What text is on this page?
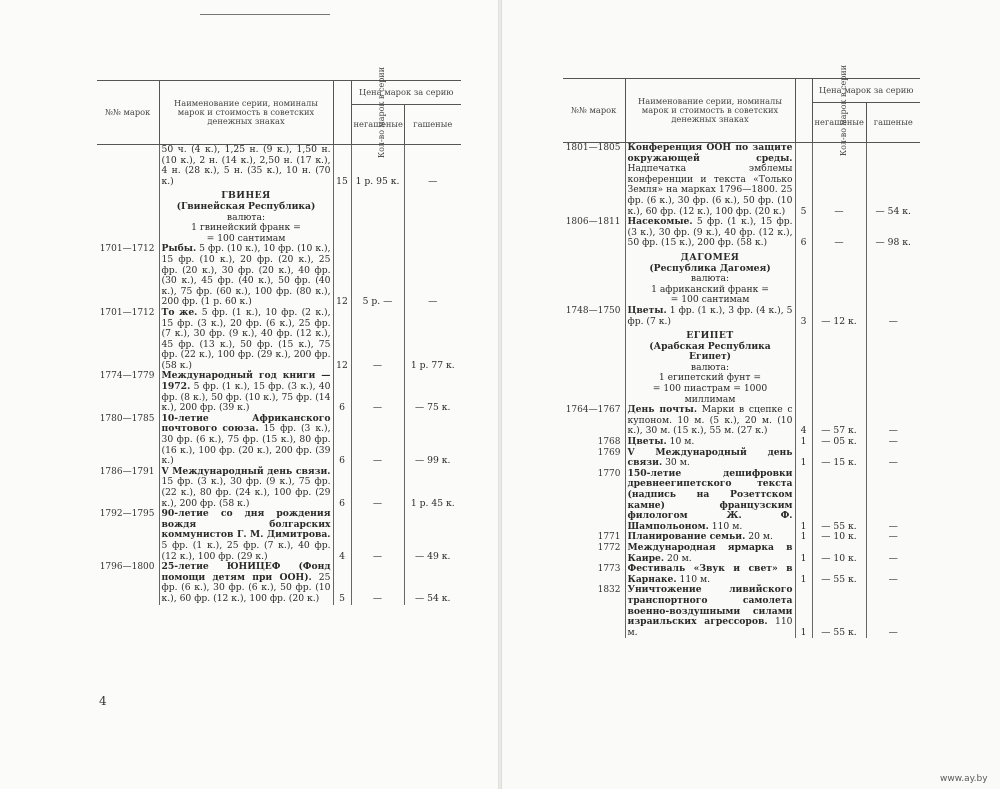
№№ марок	Наименование серии, номиналы марок и стоимость в советских денежных знаках	Кол-во марок в серии	Цена марок за серию	
			негашеные	гашеные
	50 ч. (4 к.), 1,25 н. (9 к.), 1,50 н. (10 к.), 2 н. (14 к.), 2,50 н. (17 к.), 4 н. (28 к.), 5 н. (35 к.), 10 н. (70 к.)	15	1 р. 95 к.	—

	ГВИНЕЯ
(Гвинейская Республика)
валюта:
1 гвинейский франк =
= 100 сантимам			

1701—1712	Рыбы. 5 фр. (10 к.), 10 фр. (10 к.), 15 фр. (10 к.), 20 фр. (20 к.), 25 фр. (20 к.), 30 фр. (20 к.), 40 фр. (30 к.), 45 фр. (40 к.), 50 фр. (40 к.), 75 фр. (60 к.), 100 фр. (80 к.), 200 фр. (1 р. 60 к.)	12	5 р. —	—
1701—1712	То же. 5 фр. (1 к.), 10 фр. (2 к.), 15 фр. (3 к.), 20 фр. (6 к.), 25 фр. (7 к.), 30 фр. (9 к.), 40 фр. (12 к.), 45 фр. (13 к.), 50 фр. (15 к.), 75 фр. (22 к.), 100 фр. (29 к.), 200 фр. (58 к.)	12	—	1 р. 77 к.
1774—1779	Международный год книги — 1972. 5 фр. (1 к.), 15 фр. (3 к.), 40 фр. (8 к.), 50 фр. (10 к.), 75 фр. (14 к.), 200 фр. (39 к.)	6	—	— 75 к.
1780—1785	10-летие Африканского почтового союза. 15 фр. (3 к.), 30 фр. (6 к.), 75 фр. (15 к.), 80 фр. (16 к.), 100 фр. (20 к.), 200 фр. (39 к.)	6	—	— 99 к.
1786—1791	V Международный день связи. 15 фр. (3 к.), 30 фр. (9 к.), 75 фр. (22 к.), 80 фр. (24 к.), 100 фр. (29 к.), 200 фр. (58 к.)	6	—	1 р. 45 к.
1792—1795	90-летие со дня рождения вождя болгарских коммунистов Г. М. Димитрова. 5 фр. (1 к.), 25 фр. (7 к.), 40 фр. (12 к.), 100 фр. (29 к.)	4	—	— 49 к.
1796—1800	25-летие ЮНИЦЕФ (Фонд помощи детям при ООН). 25 фр. (6 к.), 30 фр. (6 к.), 50 фр. (10 к.), 60 фр. (12 к.), 100 фр. (20 к.)	5	—	— 54 к.
№№ марок	Наименование серии, номиналы марок и стоимость в советских денежных знаках	Кол-во марок в серии	Цена марок за серию	
			негашеные	гашеные
1801—1805	Конференция ООН по защите окружающей среды. Надпечатка эмблемы конференции и текста «Только Земля» на марках 1796—1800. 25 фр. (6 к.), 30 фр. (6 к.), 50 фр. (10 к.), 60 фр. (12 к.), 100 фр. (20 к.)	5	—	— 54 к.
1806—1811	Насекомые. 5 фр. (1 к.), 15 фр. (3 к.), 30 фр. (9 к.), 40 фр. (12 к.), 50 фр. (15 к.), 200 фр. (58 к.)	6	—	— 98 к.

	ДАГОМЕЯ
(Республика Дагомея)
валюта:
1 африканский франк =
= 100 сантимам			

1748—1750	Цветы. 1 фр. (1 к.), 3 фр. (4 к.), 5 фр. (7 к.)	3	— 12 к.	—

	ЕГИПЕТ
(Арабская Республика Египет)
валюта:
1 египетский фунт =
= 100 пиастрам = 1000 миллимам			

1764—1767	День почты. Марки в сцепке с купоном. 10 м. (5 к.), 20 м. (10 к.), 30 м. (15 к.), 55 м. (27 к.)	4	— 57 к.	—
1768	Цветы. 10 м.	1	— 05 к.	—
1769	V Международный день связи. 30 м.	1	— 15 к.	—
1770	150-летие дешифровки древнеегипетского текста (надпись на Розеттском камне) французским филологом Ж. Ф. Шампольоном. 110 м.	1	— 55 к.	—
1771	Планирование семьи. 20 м.	1	— 10 к.	—
1772	Международная ярмарка в Каире. 20 м.	1	— 10 к.	—
1773	Фестиваль «Звук и свет» в Карнаке. 110 м.	1	— 55 к.	—
1832	Уничтожение ливийского транспортного самолета военно-воздушными силами израильских агрессоров. 110 м.	1	— 55 к.	—
4
www.ay.by
